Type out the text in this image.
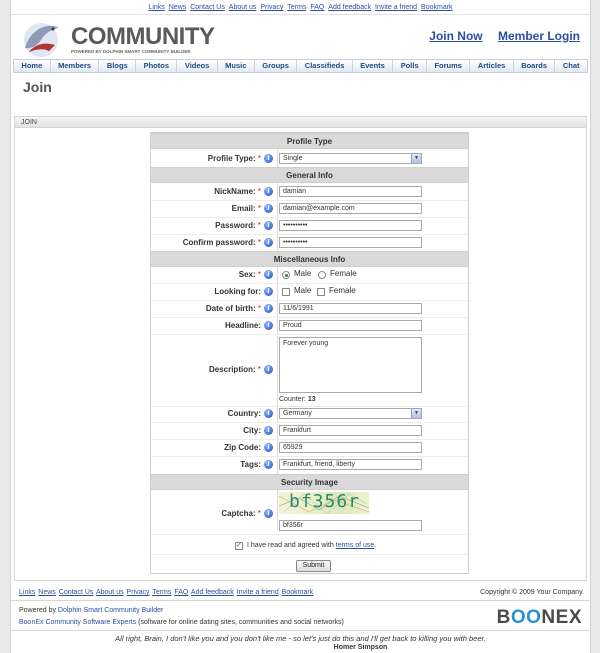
Links News Contact Us About us Privacy Terms FAQ Add feedback Invite a friend Bookmark
COMMUNITY
POWERED BY DOLPHIN SMART COMMUNITY BUILDER
Join Now Member Login
Home	Members	Blogs	Photos	Videos	Music	Groups	Classifieds	Events	Polls	Forums	Articles	Boards	Chat
Join
JOIN
Profile Type
Profile Type: *	i	Single	▼
General Info
NickName: *	i	damian
Email: *	i	damian@example.com
Password: *	i	••••••••••
Confirm password: *	i	••••••••••
Miscellaneous Info
Sex: *	i	Male Female
Looking for:	i	Male Female
Date of birth: *	i	11/6/1991
Headline:	i	Proud
Description: *	i
Forever young
Counter: 13
Country:	i	Germany	▼
City:	i	Frankfurt
Zip Code:	i	65929
Tags:	i	Frankfurt, friend, liberty
Security Image
Captcha: *	i
bf356r
bf356r
✓ I have read and agreed with terms of use.
Submit
Links News Contact Us About us Privacy Terms FAQ Add feedback Invite a friend Bookmark	Copyright © 2009 Your Company.
Powered by Dolphin Smart Community Builder
BoonEx Community Software Experts (software for online dating sites, communities and social networks)	BOONEX
All right, Brain, I don't like you and you don't like me - so let's just do this and I'll get back to killing you with beer.
Homer Simpson
